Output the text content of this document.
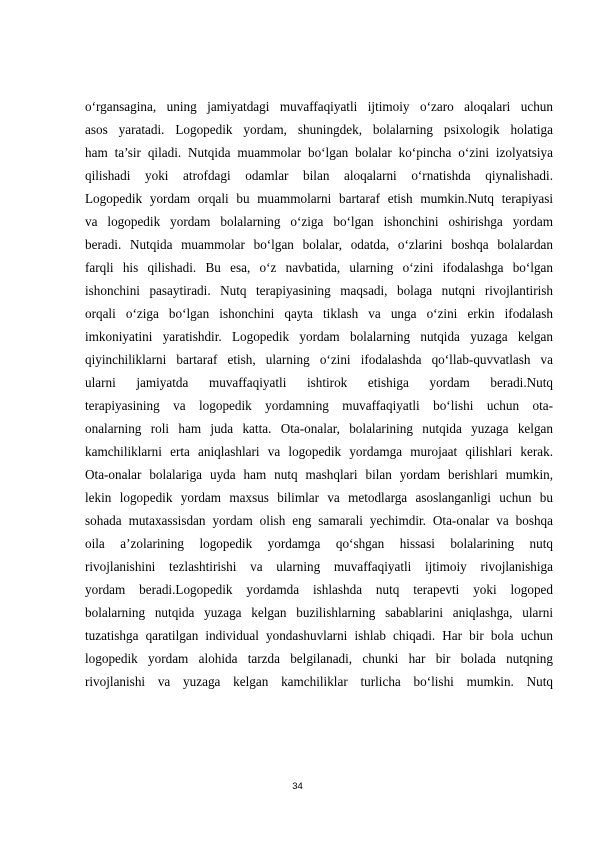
o‘rgansagina, uning jamiyatdagi muvaffaqiyatli ijtimoiy o‘zaro aloqalari uchun
asos yaratadi. Logopedik yordam, shuningdek, bolalarning psixologik holatiga
ham ta’sir qiladi. Nutqida muammolar bo‘lgan bolalar ko‘pincha o‘zini izolyatsiya
qilishadi yoki atrofdagi odamlar bilan aloqalarni o‘rnatishda qiynalishadi.
Logopedik yordam orqali bu muammolarni bartaraf etish mumkin.Nutq terapiyasi
va logopedik yordam bolalarning o‘ziga bo‘lgan ishonchini oshirishga yordam
beradi. Nutqida muammolar bo‘lgan bolalar, odatda, o‘zlarini boshqa bolalardan
farqli his qilishadi. Bu esa, o‘z navbatida, ularning o‘zini ifodalashga bo‘lgan
ishonchini pasaytiradi. Nutq terapiyasining maqsadi, bolaga nutqni rivojlantirish
orqali o‘ziga bo‘lgan ishonchini qayta tiklash va unga o‘zini erkin ifodalash
imkoniyatini yaratishdir. Logopedik yordam bolalarning nutqida yuzaga kelgan
qiyinchiliklarni bartaraf etish, ularning o‘zini ifodalashda qo‘llab-quvvatlash va
ularni jamiyatda muvaffaqiyatli ishtirok etishiga yordam beradi.Nutq
terapiyasining va logopedik yordamning muvaffaqiyatli bo‘lishi uchun ota-
onalarning roli ham juda katta. Ota-onalar, bolalarining nutqida yuzaga kelgan
kamchiliklarni erta aniqlashlari va logopedik yordamga murojaat qilishlari kerak.
Ota-onalar bolalariga uyda ham nutq mashqlari bilan yordam berishlari mumkin,
lekin logopedik yordam maxsus bilimlar va metodlarga asoslanganligi uchun bu
sohada mutaxassisdan yordam olish eng samarali yechimdir. Ota-onalar va boshqa
oila a’zolarining logopedik yordamga qo‘shgan hissasi bolalarining nutq
rivojlanishini tezlashtirishi va ularning muvaffaqiyatli ijtimoiy rivojlanishiga
yordam beradi.Logopedik yordamda ishlashda nutq terapevti yoki logoped
bolalarning nutqida yuzaga kelgan buzilishlarning sabablarini aniqlashga, ularni
tuzatishga qaratilgan individual yondashuvlarni ishlab chiqadi. Har bir bola uchun
logopedik yordam alohida tarzda belgilanadi, chunki har bir bolada nutqning
rivojlanishi va yuzaga kelgan kamchiliklar turlicha bo‘lishi mumkin. Nutq
34
